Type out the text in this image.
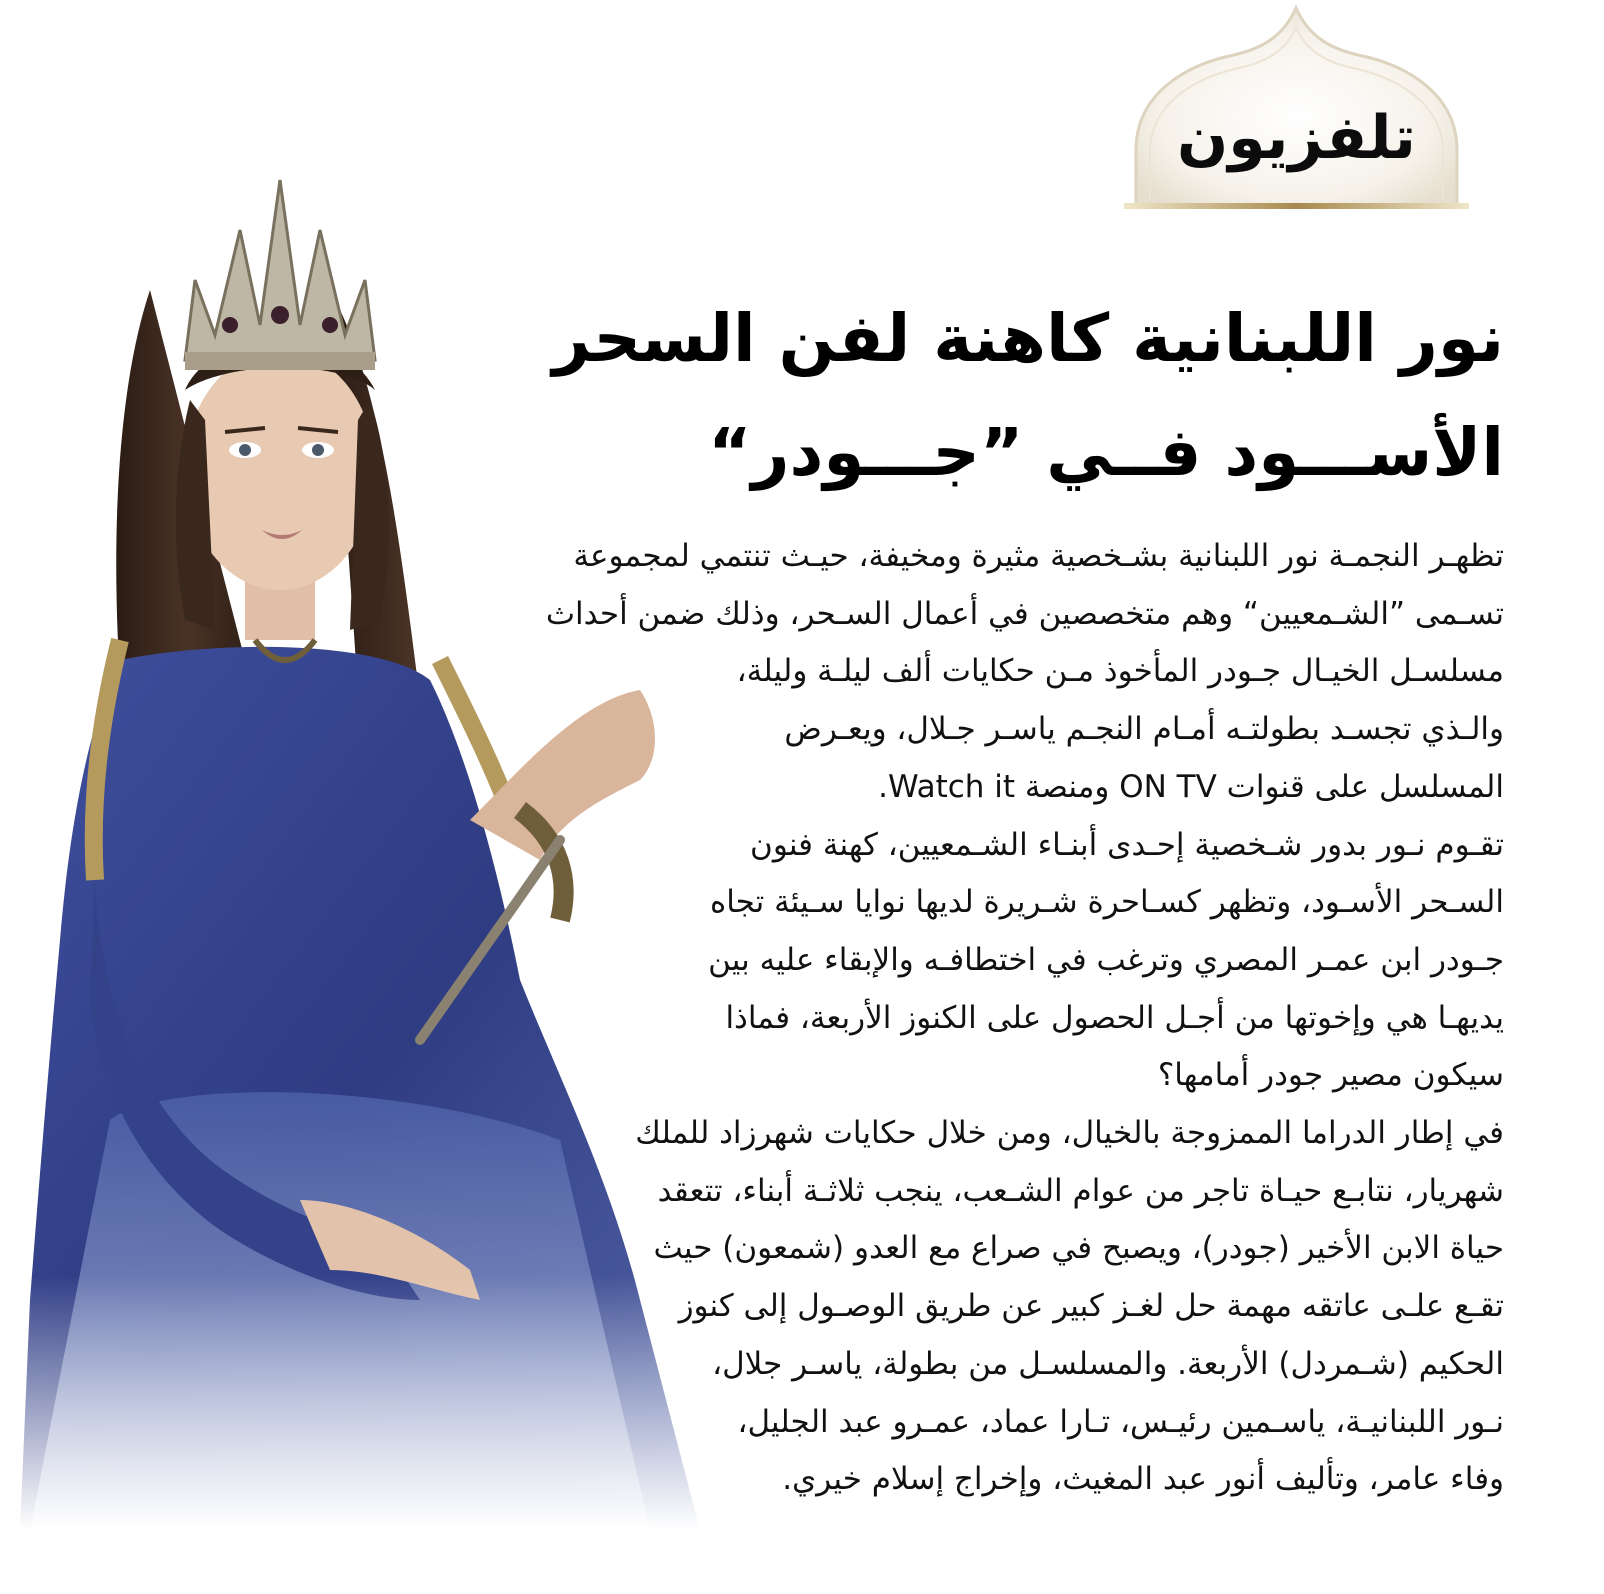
تلفزيون
نور اللبنانية كاهنة لفن السحر
الأســـود فــي ”جـــودر“
تظهـر النجمـة نور اللبنانية بشـخصية مثيرة ومخيفة، حيـث تنتمي لمجموعة
تسـمى ”الشـمعيين“ وهم متخصصين في أعمال السـحر، وذلك ضمن أحداث
مسلسـل الخيـال جـودر المأخوذ مـن حكايات ألف ليلـة وليلة،
والـذي تجسـد بطولتـه أمـام النجـم ياسـر جـلال، ويعـرض
المسلسل على قنوات ON TV ومنصة Watch it.
تقـوم نـور بدور شـخصية إحـدى أبنـاء الشـمعيين، كهنة فنون
السـحر الأسـود، وتظهر كسـاحرة شـريرة لديها نوايا سـيئة تجاه
جـودر ابن عمـر المصري وترغب في اختطافـه والإبقاء عليه بين
يديهـا هي وإخوتها من أجـل الحصول على الكنوز الأربعة، فماذا
سيكون مصير جودر أمامها؟
في إطار الدراما الممزوجة بالخيال، ومن خلال حكايات شهرزاد للملك
شهريار، نتابـع حيـاة تاجر من عوام الشـعب، ينجب ثلاثـة أبناء، تتعقد
حياة الابن الأخير (جودر)، ويصبح في صراع مع العدو (شمعون) حيث
تقـع علـى عاتقه مهمة حل لغـز كبير عن طريق الوصـول إلى كنوز
الحكيم (شـمردل) الأربعة. والمسلسـل من بطولة، ياسـر جلال،
نـور اللبنانيـة، ياسـمين رئيـس، تـارا عماد، عمـرو عبد الجليل،
وفاء عامر، وتأليف أنور عبد المغيث، وإخراج إسلام خيري.
